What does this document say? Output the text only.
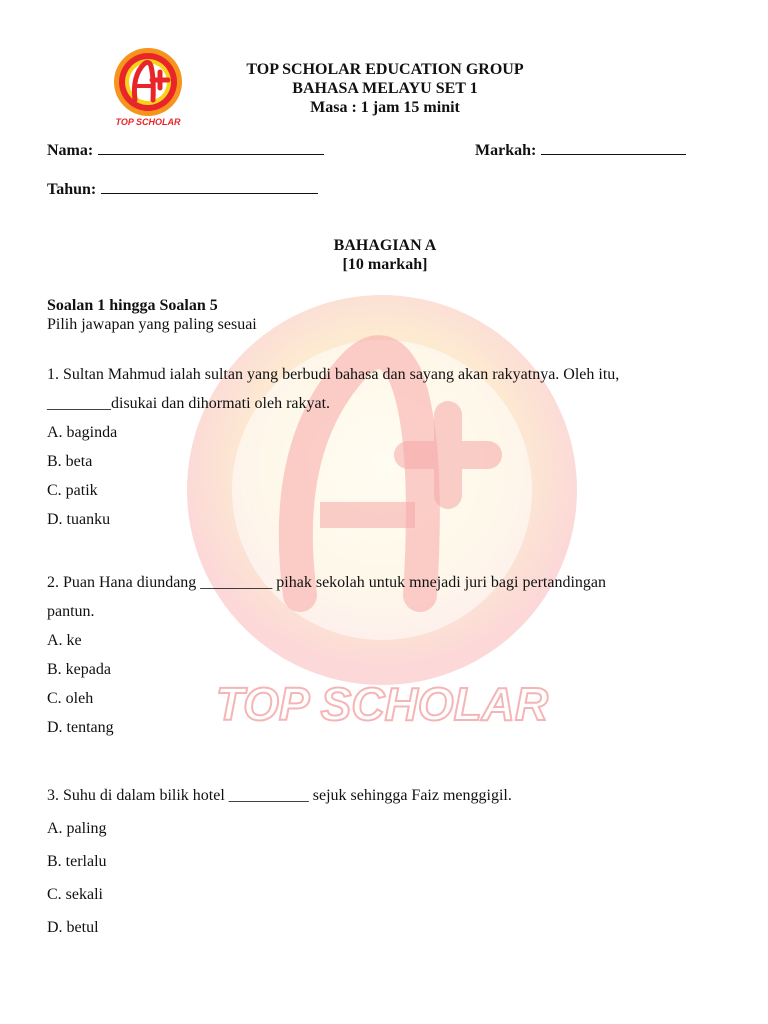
TOP SCHOLAR
TOP SCHOLAR
TOP SCHOLAR EDUCATION GROUP
BAHASA MELAYU SET 1
Masa : 1 jam 15 minit
Nama:	Markah:
Tahun:
BAHAGIAN A
[10 markah]
Soalan 1 hingga Soalan 5
Pilih jawapan yang paling sesuai
1. Sultan Mahmud ialah sultan yang berbudi bahasa dan sayang akan rakyatnya. Oleh itu,
________disukai dan dihormati oleh rakyat.
A. baginda
B. beta
C. patik
D. tuanku
2. Puan Hana diundang _________ pihak sekolah untuk mnejadi juri bagi pertandingan
pantun.
A. ke
B. kepada
C. oleh
D. tentang
3. Suhu di dalam bilik hotel __________ sejuk sehingga Faiz menggigil.
A. paling
B. terlalu
C. sekali
D. betul
